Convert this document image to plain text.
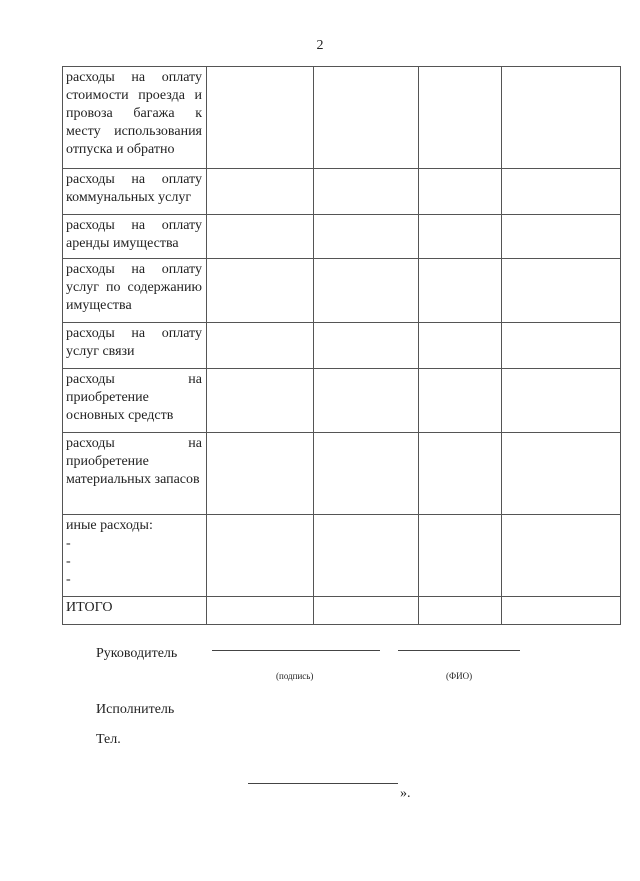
2
расходы на оплату стоимости проезда и провоза багажа к месту использования отпуска и обратно				
расходы на оплату коммунальных услуг				
расходы на оплату аренды имущества				
расходы на оплату услуг по содержанию имущества				
расходы на оплату услуг связи				
расходы на приобретение основных средств				
расходы на приобретение материальных запасов				

иные расходы:
-
-
-				

ИТОГО				
Руководитель
(подпись)	(ФИО)
Исполнитель
Тел.
».
